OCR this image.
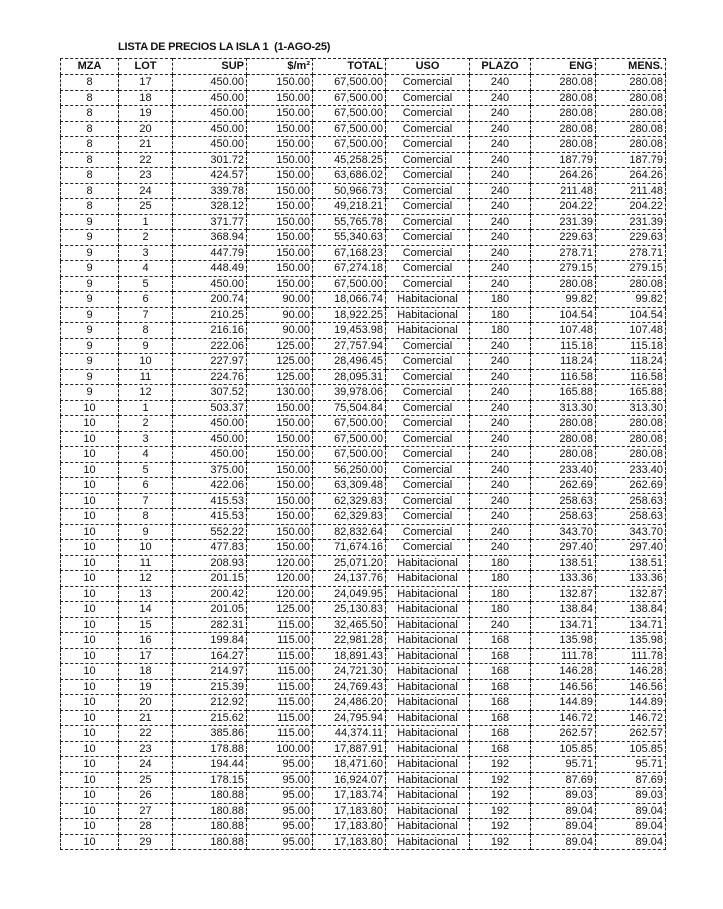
LISTA DE PRECIOS LA ISLA 1  (1-AGO-25)
MZA	LOT	SUP	$/m²	TOTAL	USO	PLAZO	ENG	MENS.
8	17	450.00	150.00	67,500.00	Comercial	240	280.08	280.08
8	18	450.00	150.00	67,500.00	Comercial	240	280.08	280.08
8	19	450.00	150.00	67,500.00	Comercial	240	280.08	280.08
8	20	450.00	150.00	67,500.00	Comercial	240	280.08	280.08
8	21	450.00	150.00	67,500.00	Comercial	240	280.08	280.08
8	22	301.72	150.00	45,258.25	Comercial	240	187.79	187.79
8	23	424.57	150.00	63,686.02	Comercial	240	264.26	264.26
8	24	339.78	150.00	50,966.73	Comercial	240	211.48	211.48
8	25	328.12	150.00	49,218.21	Comercial	240	204.22	204.22
9	1	371.77	150.00	55,765.78	Comercial	240	231.39	231.39
9	2	368.94	150.00	55,340.63	Comercial	240	229.63	229.63
9	3	447.79	150.00	67,168.23	Comercial	240	278.71	278.71
9	4	448.49	150.00	67,274.18	Comercial	240	279.15	279.15
9	5	450.00	150.00	67,500.00	Comercial	240	280.08	280.08
9	6	200.74	90.00	18,066.74	Habitacional	180	99.82	99.82
9	7	210.25	90.00	18,922.25	Habitacional	180	104.54	104.54
9	8	216.16	90.00	19,453.98	Habitacional	180	107.48	107.48
9	9	222.06	125.00	27,757.94	Comercial	240	115.18	115.18
9	10	227.97	125.00	28,496.45	Comercial	240	118.24	118.24
9	11	224.76	125.00	28,095.31	Comercial	240	116.58	116.58
9	12	307.52	130.00	39,978.06	Comercial	240	165.88	165.88
10	1	503.37	150.00	75,504.84	Comercial	240	313.30	313.30
10	2	450.00	150.00	67,500.00	Comercial	240	280.08	280.08
10	3	450.00	150.00	67,500.00	Comercial	240	280.08	280.08
10	4	450.00	150.00	67,500.00	Comercial	240	280.08	280.08
10	5	375.00	150.00	56,250.00	Comercial	240	233.40	233.40
10	6	422.06	150.00	63,309.48	Comercial	240	262.69	262.69
10	7	415.53	150.00	62,329.83	Comercial	240	258.63	258.63
10	8	415.53	150.00	62,329.83	Comercial	240	258.63	258.63
10	9	552.22	150.00	82,832.64	Comercial	240	343.70	343.70
10	10	477.83	150.00	71,674.16	Comercial	240	297.40	297.40
10	11	208.93	120.00	25,071.20	Habitacional	180	138.51	138.51
10	12	201.15	120.00	24,137.76	Habitacional	180	133.36	133.36
10	13	200.42	120.00	24,049.95	Habitacional	180	132.87	132.87
10	14	201.05	125.00	25,130.83	Habitacional	180	138.84	138.84
10	15	282.31	115.00	32,465.50	Habitacional	240	134.71	134.71
10	16	199.84	115.00	22,981.28	Habitacional	168	135.98	135.98
10	17	164.27	115.00	18,891.43	Habitacional	168	111.78	111.78
10	18	214.97	115.00	24,721.30	Habitacional	168	146.28	146.28
10	19	215.39	115.00	24,769.43	Habitacional	168	146.56	146.56
10	20	212.92	115.00	24,486.20	Habitacional	168	144.89	144.89
10	21	215.62	115.00	24,795.94	Habitacional	168	146.72	146.72
10	22	385.86	115.00	44,374.11	Habitacional	168	262.57	262.57
10	23	178.88	100.00	17,887.91	Habitacional	168	105.85	105.85
10	24	194.44	95.00	18,471.60	Habitacional	192	95.71	95.71
10	25	178.15	95.00	16,924.07	Habitacional	192	87.69	87.69
10	26	180.88	95.00	17,183.74	Habitacional	192	89.03	89.03
10	27	180.88	95.00	17,183.80	Habitacional	192	89.04	89.04
10	28	180.88	95.00	17,183.80	Habitacional	192	89.04	89.04
10	29	180.88	95.00	17,183.80	Habitacional	192	89.04	89.04
